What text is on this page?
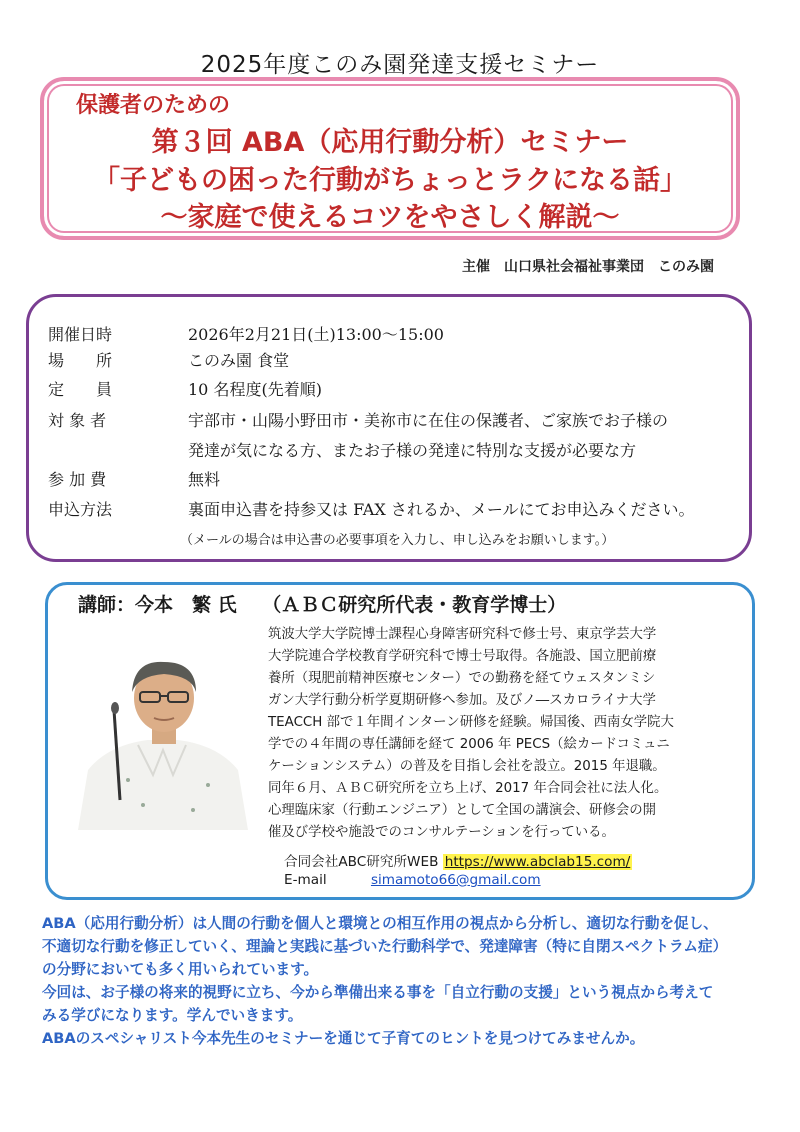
2025年度このみ園発達支援セミナー
保護者のための
第３回 ABA（応用行動分析）セミナー
「子どもの困った行動がちょっとラクになる話」
〜家庭で使えるコツをやさしく解説〜
主催　山口県社会福祉事業団　このみ園
開催日時	2026年2月21日(土)13:00～15:00
場　　所	このみ園 食堂
定　　員	10 名程度(先着順)
対 象 者	宇部市・山陽小野田市・美祢市に在住の保護者、ご家族でお子様の
発達が気になる方、またお子様の発達に特別な支援が必要な方
参 加 費	無料
申込方法	裏面申込書を持参又は FAX されるか、メールにてお申込みください。
（メールの場合は申込書の必要事項を入力し、申し込みをお願いします。）
講師：今本　繁 氏　 （ＡＢＣ研究所代表・教育学博士）
筑波大学大学院博士課程心身障害研究科で修士号、東京学芸大学
大学院連合学校教育学研究科で博士号取得。各施設、国立肥前療
養所（現肥前精神医療センター）での勤務を経てウェスタンミシ
ガン大学行動分析学夏期研修へ参加。及びノ―スカロライナ大学
TEACCH 部で１年間インターン研修を経験。帰国後、西南女学院大
学での４年間の専任講師を経て 2006 年 PECS（絵カードコミュニ
ケーションシステム）の普及を目指し会社を設立。2015 年退職。
同年６月、ＡＢＣ研究所を立ち上げ、2017 年合同会社に法人化。
心理臨床家（行動エンジニア）として全国の講演会、研修会の開
催及び学校や施設でのコンサルテーションを行っている。
合同会社ABC研究所WEB https://www.abclab15.com/
E-mail	simamoto66@gmail.com
ABA（応用行動分析）は人間の行動を個人と環境との相互作用の視点から分析し、適切な行動を促し、
不適切な行動を修正していく、理論と実践に基づいた行動科学で、発達障害（特に自閉スペクトラム症）
の分野においても多く用いられています。
今回は、お子様の将来的視野に立ち、今から準備出来る事を「自立行動の支援」という視点から考えて
みる学びになります。学んでいきます。
ABAのスペシャリスト今本先生のセミナーを通じて子育てのヒントを見つけてみませんか。
